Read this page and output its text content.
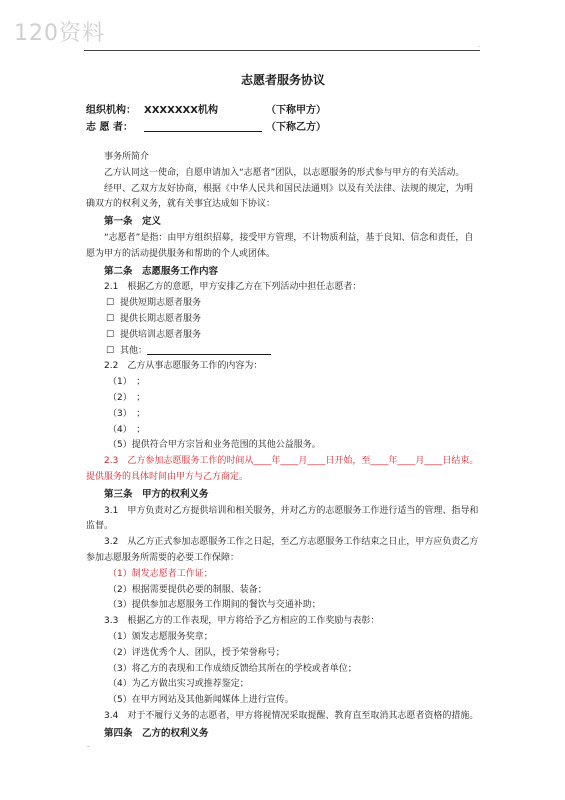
120资料	.
..
志愿者服务协议
组织机构： XXXXXXX机构	（下称甲方）
志 愿 者：	（下称乙方）

事务所简介

乙方认同这一使命，自愿申请加入“志愿者”团队，以志愿服务的形式参与甲方的有关活动。

经甲、乙双方友好协商，根据《中华人民共和国民法通则》以及有关法律、法规的规定，为明确双方的权利义务，就有关事宜达成如下协议：

第一条　定义

“志愿者”是指：由甲方组织招募，接受甲方管理，不计物质利益，基于良知、信念和责任，自愿为甲方的活动提供服务和帮助的个人或团体。

第二条　志愿服务工作内容

2.1　根据乙方的意愿，甲方安排乙方在下列活动中担任志愿者：

☐ 提供短期志愿者服务

☐ 提供长期志愿者服务

☐ 提供培训志愿者服务

☐ 其他：

2.2　乙方从事志愿服务工作的内容为：

（1）　；

（2）　；

（3）　；

（4）　；

（5）提供符合甲方宗旨和业务范围的其他公益服务。

2.3　乙方参加志愿服务工作的时间从____年____月____日开始，至____年____月____日结束。提供服务的具体时间由甲方与乙方商定。

第三条　甲方的权利义务

3.1　甲方负责对乙方提供培训和相关服务，并对乙方的志愿服务工作进行适当的管理、指导和监督。

3.2　从乙方正式参加志愿服务工作之日起，至乙方志愿服务工作结束之日止，甲方应负责乙方参加志愿服务所需要的必要工作保障：

（1）制发志愿者工作证；

（2）根据需要提供必要的制服、装备；

（3）提供参加志愿服务工作期间的餐饮与交通补助；

3.3　根据乙方的工作表现，甲方将给予乙方相应的工作奖励与表彰：

（1）颁发志愿服务奖章；

（2）评选优秀个人、团队，授予荣誉称号；

（3）将乙方的表现和工作成绩反馈给其所在的学校或者单位；

（4）为乙方做出实习或推荐鉴定；

（5）在甲方网站及其他新闻媒体上进行宣传。

3.4　对于不履行义务的志愿者，甲方将视情况采取提醒、教育直至取消其志愿者资格的措施。

第四条　乙方的权利义务
